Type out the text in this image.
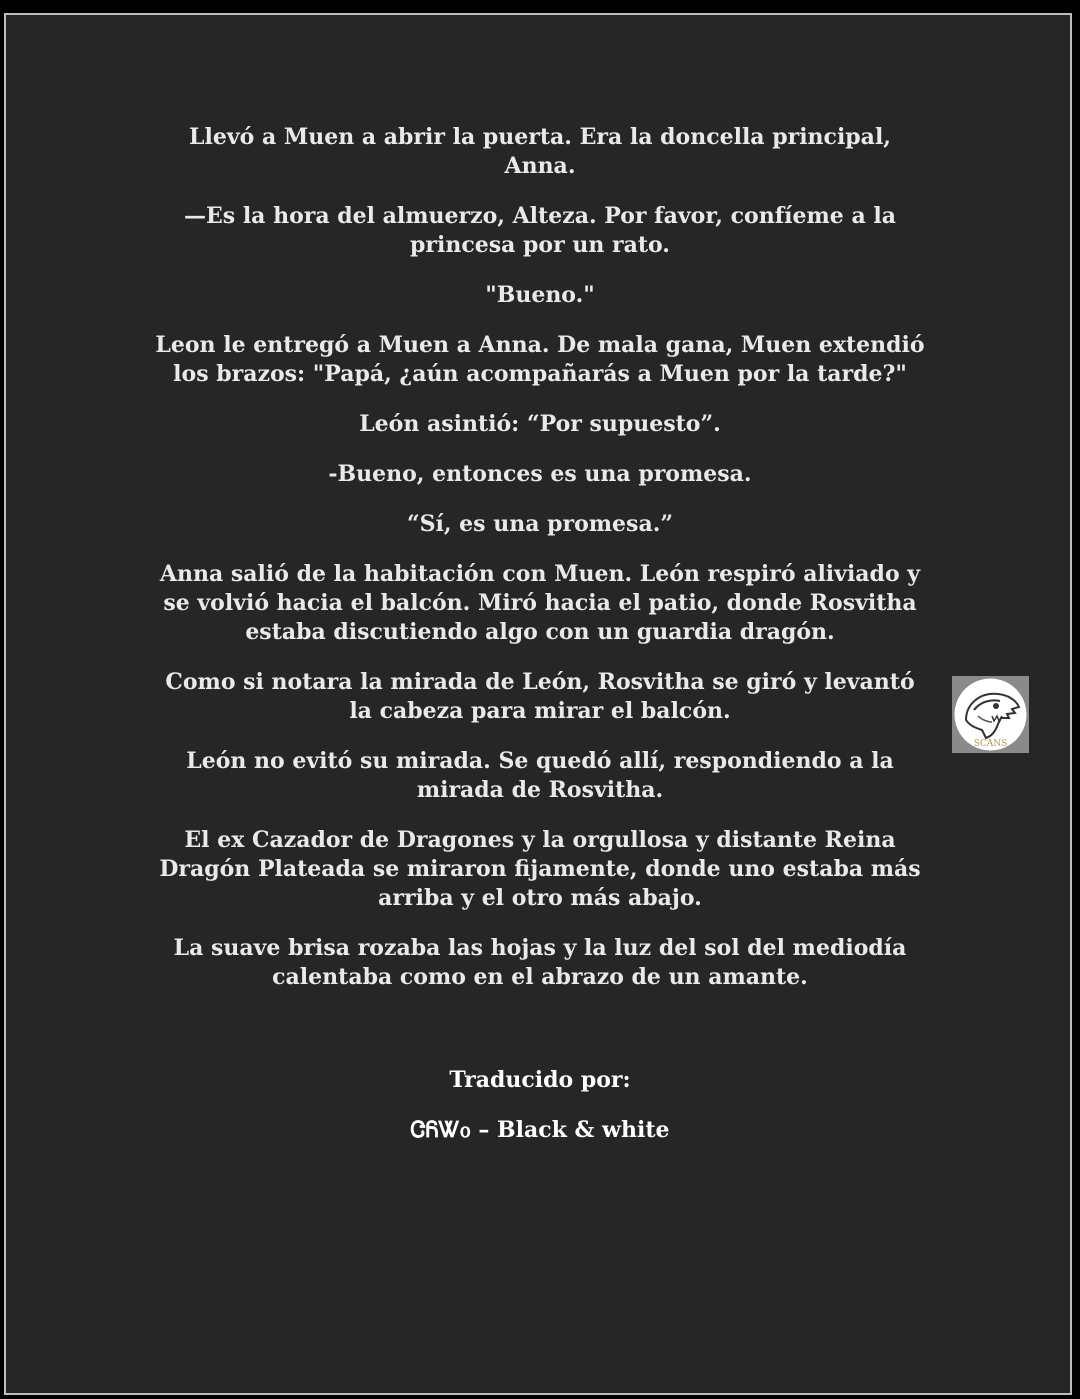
Llevó a Muen a abrir la puerta. Era la doncella principal, Anna.

—Es la hora del almuerzo, Alteza. Por favor, confíeme a la princesa por un rato.

"Bueno."

Leon le entregó a Muen a Anna. De mala gana, Muen extendió los brazos: "Papá, ¿aún acompañarás a Muen por la tarde?"

León asintió: “Por supuesto”.

-Bueno, entonces es una promesa.

“Sí, es una promesa.”

Anna salió de la habitación con Muen. León respiró aliviado y se volvió hacia el balcón. Miró hacia el patio, donde Rosvitha estaba discutiendo algo con un guardia dragón.

Como si notara la mirada de León, Rosvitha se giró y levantó la cabeza para mirar el balcón.

León no evitó su mirada. Se quedó allí, respondiendo a la mirada de Rosvitha.

El ex Cazador de Dragones y la orgullosa y distante Reina Dragón Plateada se miraron fijamente, donde uno estaba más arriba y el otro más abajo.

La suave brisa rozaba las hojas y la luz del sol del mediodía calentaba como en el abrazo de un amante.

Traducido por:

ᏣᏲᏔ᧐ – Black & white

SCANS
